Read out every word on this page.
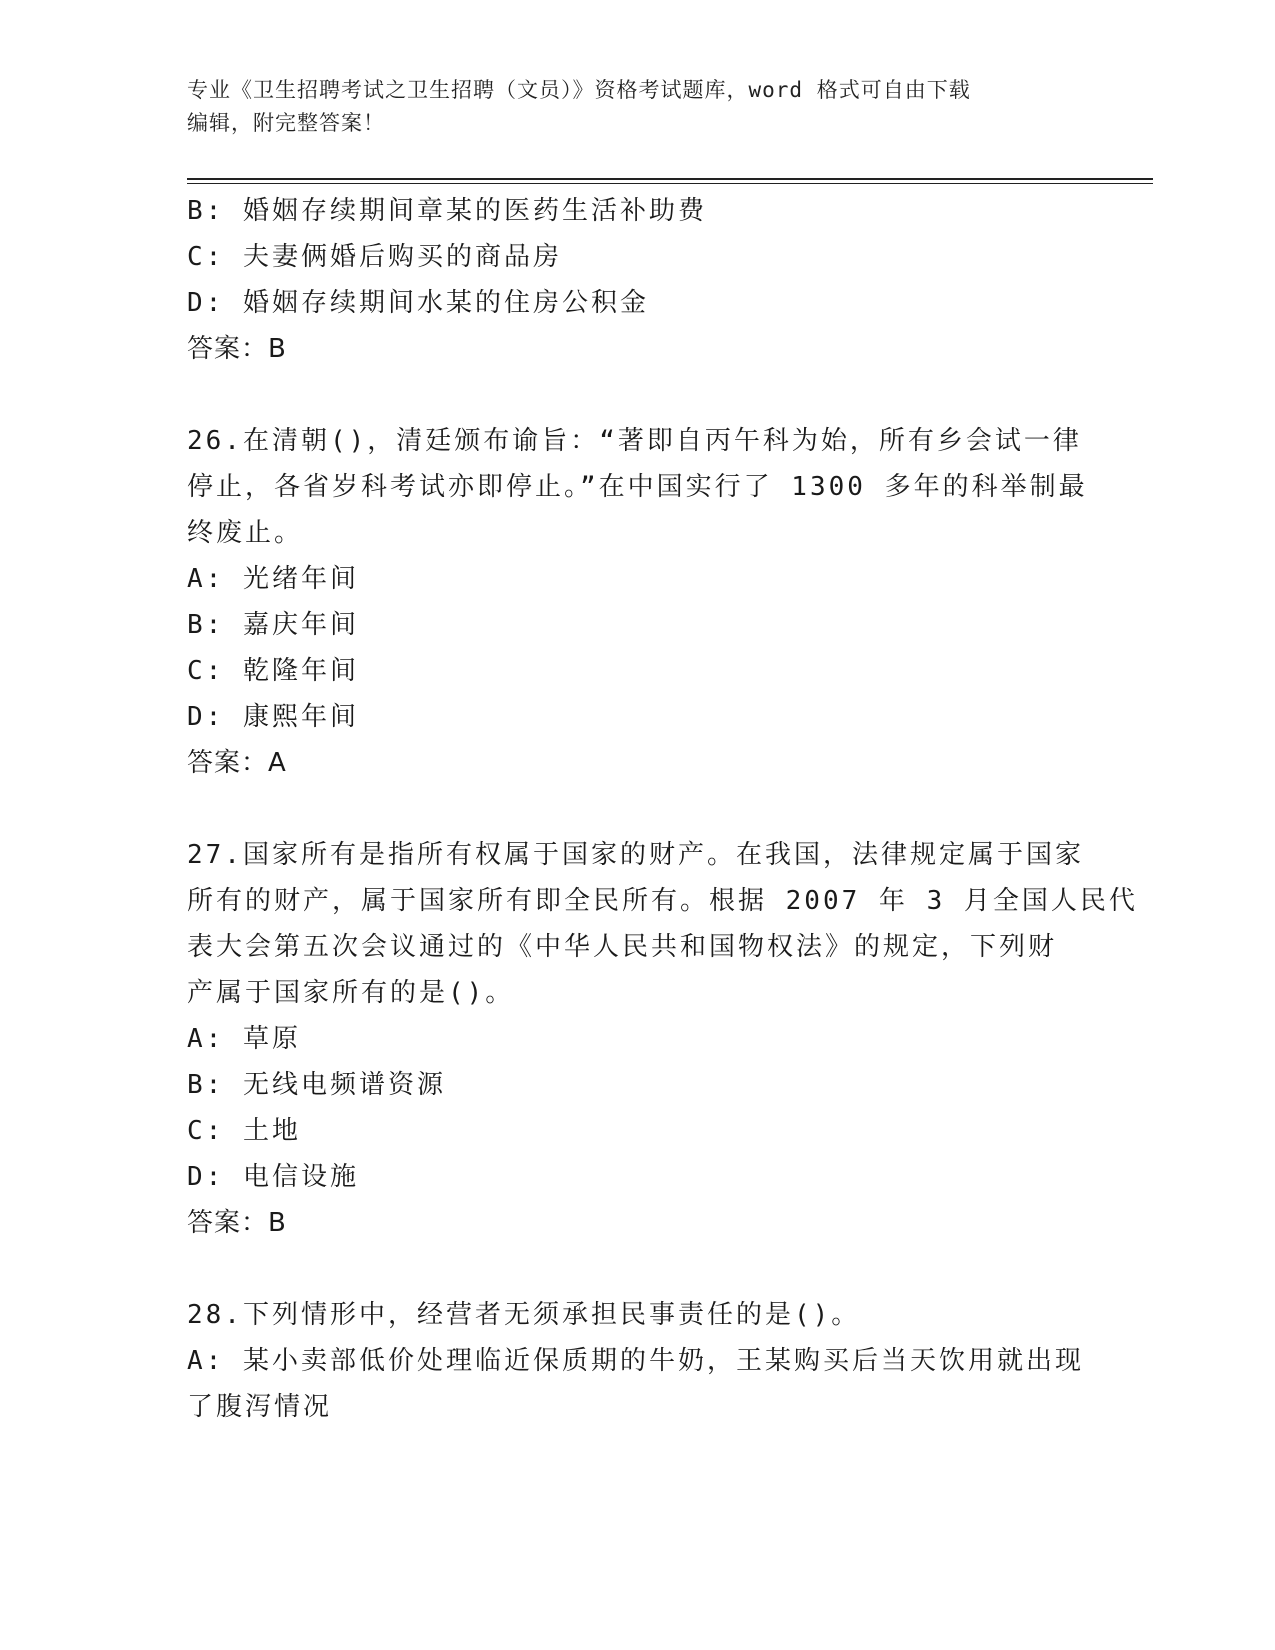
专业《卫生招聘考试之卫生招聘（文员）》资格考试题库，word 格式可自由下载
编辑，附完整答案！
B: 婚姻存续期间章某的医药生活补助费
C: 夫妻俩婚后购买的商品房
D: 婚姻存续期间水某的住房公积金
答案：B
26.在清朝()，清廷颁布谕旨：“著即自丙午科为始，所有乡会试一律
停止，各省岁科考试亦即停止。”在中国实行了 1300 多年的科举制最
终废止。
A: 光绪年间
B: 嘉庆年间
C: 乾隆年间
D: 康熙年间
答案：A
27.国家所有是指所有权属于国家的财产。在我国，法律规定属于国家
所有的财产，属于国家所有即全民所有。根据 2007 年 3 月全国人民代
表大会第五次会议通过的《中华人民共和国物权法》的规定，下列财
产属于国家所有的是()。
A: 草原
B: 无线电频谱资源
C: 土地
D: 电信设施
答案：B
28.下列情形中，经营者无须承担民事责任的是()。
A: 某小卖部低价处理临近保质期的牛奶，王某购买后当天饮用就出现
了腹泻情况
